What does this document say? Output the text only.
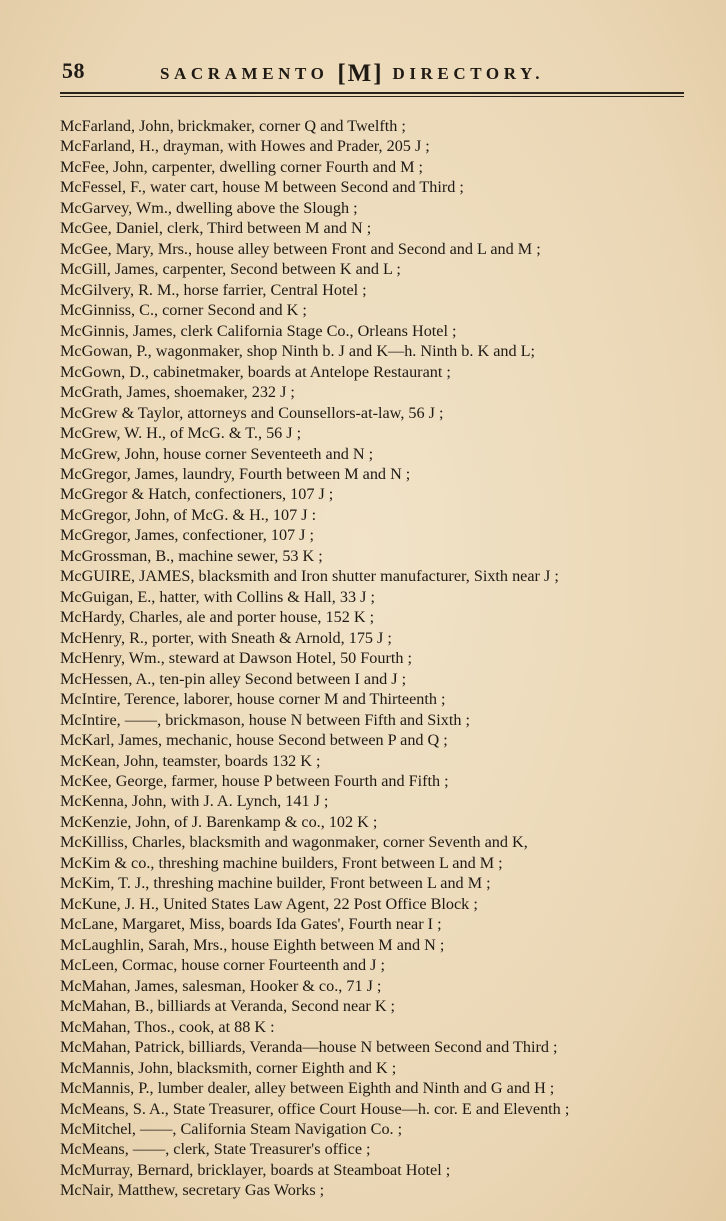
58	SACRAMENTO [M] DIRECTORY.
McFarland, John, brickmaker, corner Q and Twelfth ;
McFarland, H., drayman, with Howes and Prader, 205 J ;
McFee, John, carpenter, dwelling corner Fourth and M ;
McFessel, F., water cart, house M between Second and Third ;
McGarvey, Wm., dwelling above the Slough ;
McGee, Daniel, clerk, Third between M and N ;
McGee, Mary, Mrs., house alley between Front and Second and L and M ;
McGill, James, carpenter, Second between K and L ;
McGilvery, R. M., horse farrier, Central Hotel ;
McGinniss, C., corner Second and K ;
McGinnis, James, clerk California Stage Co., Orleans Hotel ;
McGowan, P., wagonmaker, shop Ninth b. J and K—h. Ninth b. K and L;
McGown, D., cabinetmaker, boards at Antelope Restaurant ;
McGrath, James, shoemaker, 232 J ;
McGrew & Taylor, attorneys and Counsellors-at-law, 56 J ;
McGrew, W. H., of McG. & T., 56 J ;
McGrew, John, house corner Seventeeth and N ;
McGregor, James, laundry, Fourth between M and N ;
McGregor & Hatch, confectioners, 107 J ;
McGregor, John, of McG. & H., 107 J :
McGregor, James, confectioner, 107 J ;
McGrossman, B., machine sewer, 53 K ;
McGUIRE, JAMES, blacksmith and Iron shutter manufacturer, Sixth near J ;
McGuigan, E., hatter, with Collins & Hall, 33 J ;
McHardy, Charles, ale and porter house, 152 K ;
McHenry, R., porter, with Sneath & Arnold, 175 J ;
McHenry, Wm., steward at Dawson Hotel, 50 Fourth ;
McHessen, A., ten-pin alley Second between I and J ;
McIntire, Terence, laborer, house corner M and Thirteenth ;
McIntire, ——, brickmason, house N between Fifth and Sixth ;
McKarl, James, mechanic, house Second between P and Q ;
McKean, John, teamster, boards 132 K ;
McKee, George, farmer, house P between Fourth and Fifth ;
McKenna, John, with J. A. Lynch, 141 J ;
McKenzie, John, of J. Barenkamp & co., 102 K ;
McKilliss, Charles, blacksmith and wagonmaker, corner Seventh and K,
McKim & co., threshing machine builders, Front between L and M ;
McKim, T. J., threshing machine builder, Front between L and M ;
McKune, J. H., United States Law Agent, 22 Post Office Block ;
McLane, Margaret, Miss, boards Ida Gates', Fourth near I ;
McLaughlin, Sarah, Mrs., house Eighth between M and N ;
McLeen, Cormac, house corner Fourteenth and J ;
McMahan, James, salesman, Hooker & co., 71 J ;
McMahan, B., billiards at Veranda, Second near K ;
McMahan, Thos., cook, at 88 K :
McMahan, Patrick, billiards, Veranda—house N between Second and Third ;
McMannis, John, blacksmith, corner Eighth and K ;
McMannis, P., lumber dealer, alley between Eighth and Ninth and G and H ;
McMeans, S. A., State Treasurer, office Court House—h. cor. E and Eleventh ;
McMitchel, ——, California Steam Navigation Co. ;
McMeans, ——, clerk, State Treasurer's office ;
McMurray, Bernard, bricklayer, boards at Steamboat Hotel ;
McNair, Matthew, secretary Gas Works ;
